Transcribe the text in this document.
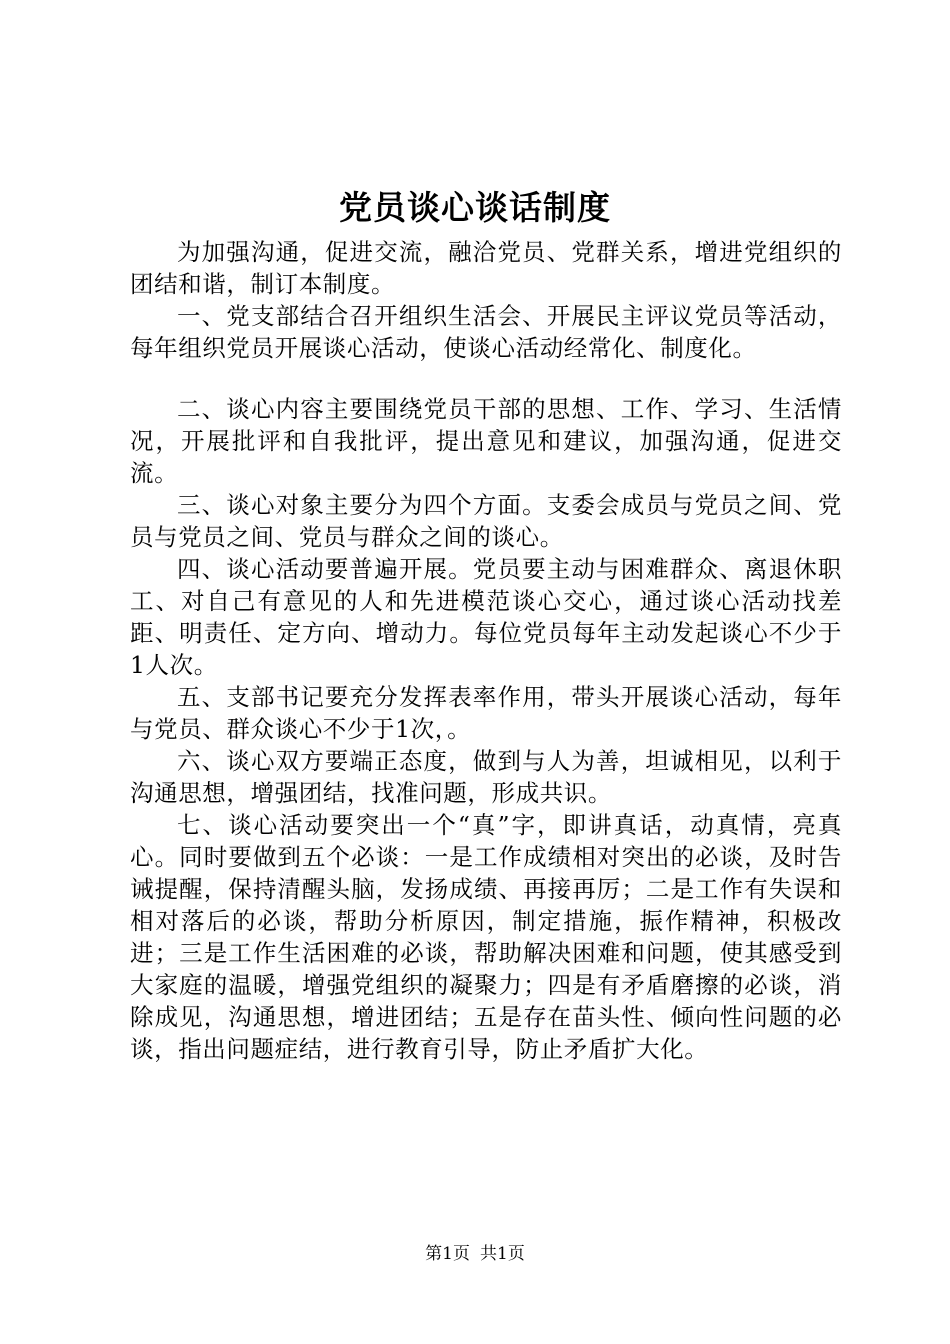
党员谈心谈话制度

为加强沟通，促进交流，融洽党员、党群关系，增进党组织的团结和谐，制订本制度。

一、党支部结合召开组织生活会、开展民主评议党员等活动，每年组织党员开展谈心活动，使谈心活动经常化、制度化。

二、谈心内容主要围绕党员干部的思想、工作、学习、生活情况，开展批评和自我批评，提出意见和建议，加强沟通，促进交流。

三、谈心对象主要分为四个方面。支委会成员与党员之间、党员与党员之间、党员与群众之间的谈心。

四、谈心活动要普遍开展。党员要主动与困难群众、离退休职工、对自己有意见的人和先进模范谈心交心，通过谈心活动找差距、明责任、定方向、增动力。每位党员每年主动发起谈心不少于1人次。

五、支部书记要充分发挥表率作用，带头开展谈心活动，每年与党员、群众谈心不少于1次，。

六、谈心双方要端正态度，做到与人为善，坦诚相见，以利于沟通思想，增强团结，找准问题，形成共识。

七、谈心活动要突出一个“真”字，即讲真话，动真情，亮真心。同时要做到五个必谈：一是工作成绩相对突出的必谈，及时告诫提醒，保持清醒头脑，发扬成绩、再接再厉；二是工作有失误和相对落后的必谈，帮助分析原因，制定措施，振作精神，积极改进；三是工作生活困难的必谈，帮助解决困难和问题，使其感受到大家庭的温暖，增强党组织的凝聚力；四是有矛盾磨擦的必谈，消除成见，沟通思想，增进团结；五是存在苗头性、倾向性问题的必谈，指出问题症结，进行教育引导，防止矛盾扩大化。

第1页 共1页
